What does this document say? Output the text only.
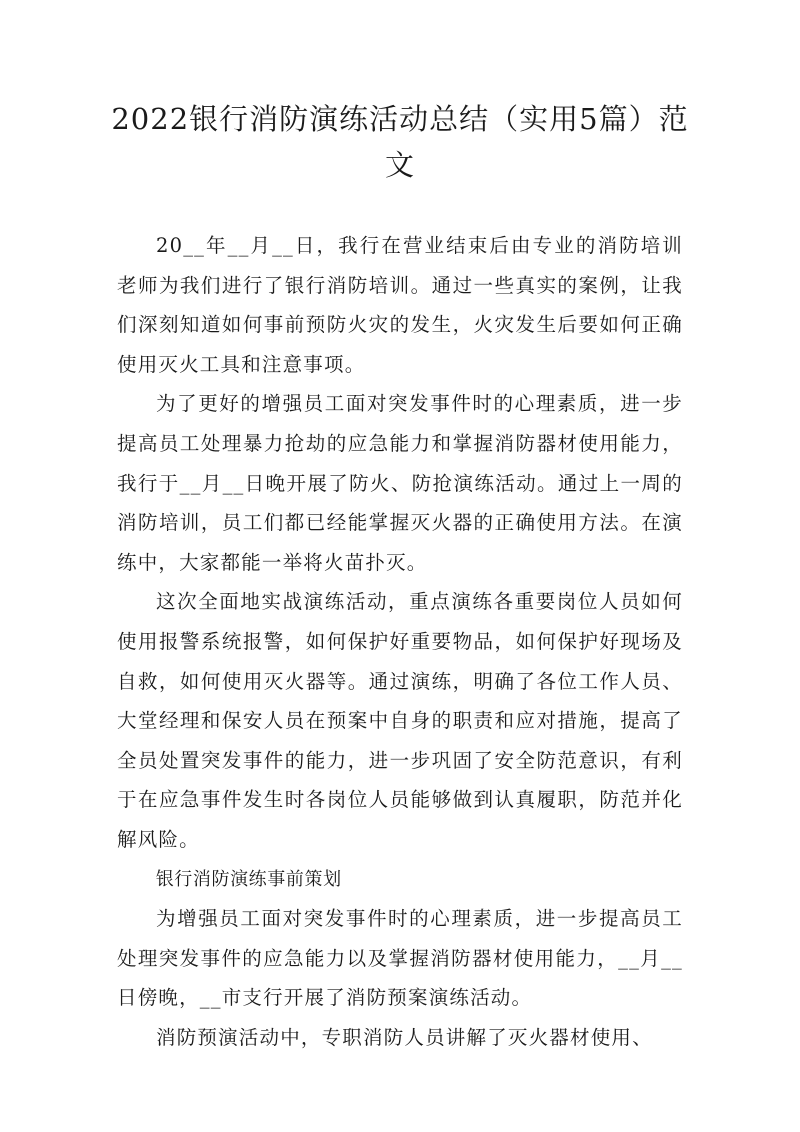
2022银行消防演练活动总结（实用5篇）范文

20__年__月__日，我行在营业结束后由专业的消防培训老师为我们进行了银行消防培训。通过一些真实的案例，让我们深刻知道如何事前预防火灾的发生，火灾发生后要如何正确使用灭火工具和注意事项。

为了更好的增强员工面对突发事件时的心理素质，进一步提高员工处理暴力抢劫的应急能力和掌握消防器材使用能力，我行于__月__日晚开展了防火、防抢演练活动。通过上一周的消防培训，员工们都已经能掌握灭火器的正确使用方法。在演练中，大家都能一举将火苗扑灭。

这次全面地实战演练活动，重点演练各重要岗位人员如何使用报警系统报警，如何保护好重要物品，如何保护好现场及自救，如何使用灭火器等。通过演练，明确了各位工作人员、大堂经理和保安人员在预案中自身的职责和应对措施，提高了全员处置突发事件的能力，进一步巩固了安全防范意识，有利于在应急事件发生时各岗位人员能够做到认真履职，防范并化解风险。

银行消防演练事前策划

为增强员工面对突发事件时的心理素质，进一步提高员工处理突发事件的应急能力以及掌握消防器材使用能力，__月__日傍晚，__市支行开展了消防预案演练活动。

消防预演活动中，专职消防人员讲解了灭火器材使用、
